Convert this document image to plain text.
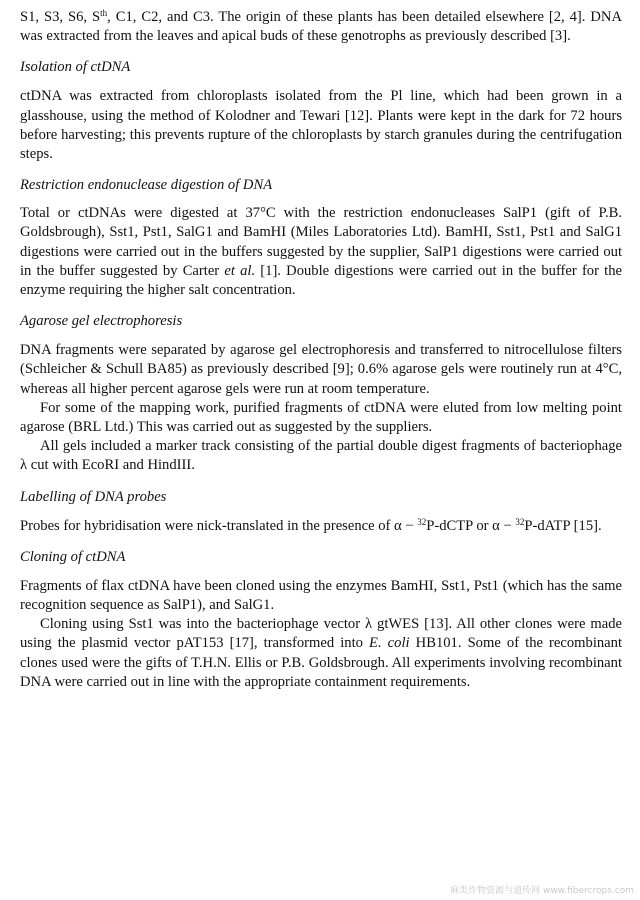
S1, S3, S6, $S^{th}$, C1, C2, and C3. The origin of these plants has been detailed elsewhere [2, 4]. DNA was extracted from the leaves and apical buds of these genotrophs as previously described [3].

Isolation of ctDNA

ctDNA was extracted from chloroplasts isolated from the Pl line, which had been grown in a glasshouse, using the method of Kolodner and Tewari [12]. Plants were kept in the dark for 72 hours before harvesting; this prevents rupture of the chloroplasts by starch granules during the centrifugation steps.

Restriction endonuclease digestion of DNA

Total or ctDNAs were digested at 37°C with the restriction endonucleases SalP1 (gift of P.B. Goldsbrough), Sst1, Pst1, SalG1 and BamHI (Miles Laboratories Ltd). BamHI, Sst1, Pst1 and SalG1 digestions were carried out in the buffers suggested by the supplier, SalP1 digestions were carried out in the buffer suggested by Carter et al. [1]. Double digestions were carried out in the buffer for the enzyme requiring the higher salt concentration.

Agarose gel electrophoresis

DNA fragments were separated by agarose gel electrophoresis and transferred to nitrocellulose filters (Schleicher & Schull BA85) as previously described [9]; 0.6% agarose gels were routinely run at 4°C, whereas all higher percent agarose gels were run at room temperature.

For some of the mapping work, purified fragments of ctDNA were eluted from low melting point agarose (BRL Ltd.) This was carried out as suggested by the suppliers.

All gels included a marker track consisting of the partial double digest fragments of bacteriophage λ cut with EcoRI and HindIII.

Labelling of DNA probes

Probes for hybridisation were nick-translated in the presence of α − $^{32}$P-dCTP or α − $^{32}$P-dATP [15].

Cloning of ctDNA

Fragments of flax ctDNA have been cloned using the enzymes BamHI, Sst1, Pst1 (which has the same recognition sequence as SalP1), and SalG1.

Cloning using Sst1 was into the bacteriophage vector λ gtWES [13]. All other clones were made using the plasmid vector pAT153 [17], transformed into E. coli HB101. Some of the recombinant clones used were the gifts of T.H.N. Ellis or P.B. Goldsbrough. All experiments involving recombinant DNA were carried out in line with the appropriate containment requirements.

麻类作物资源与遗传网 www.fibercrops.com
